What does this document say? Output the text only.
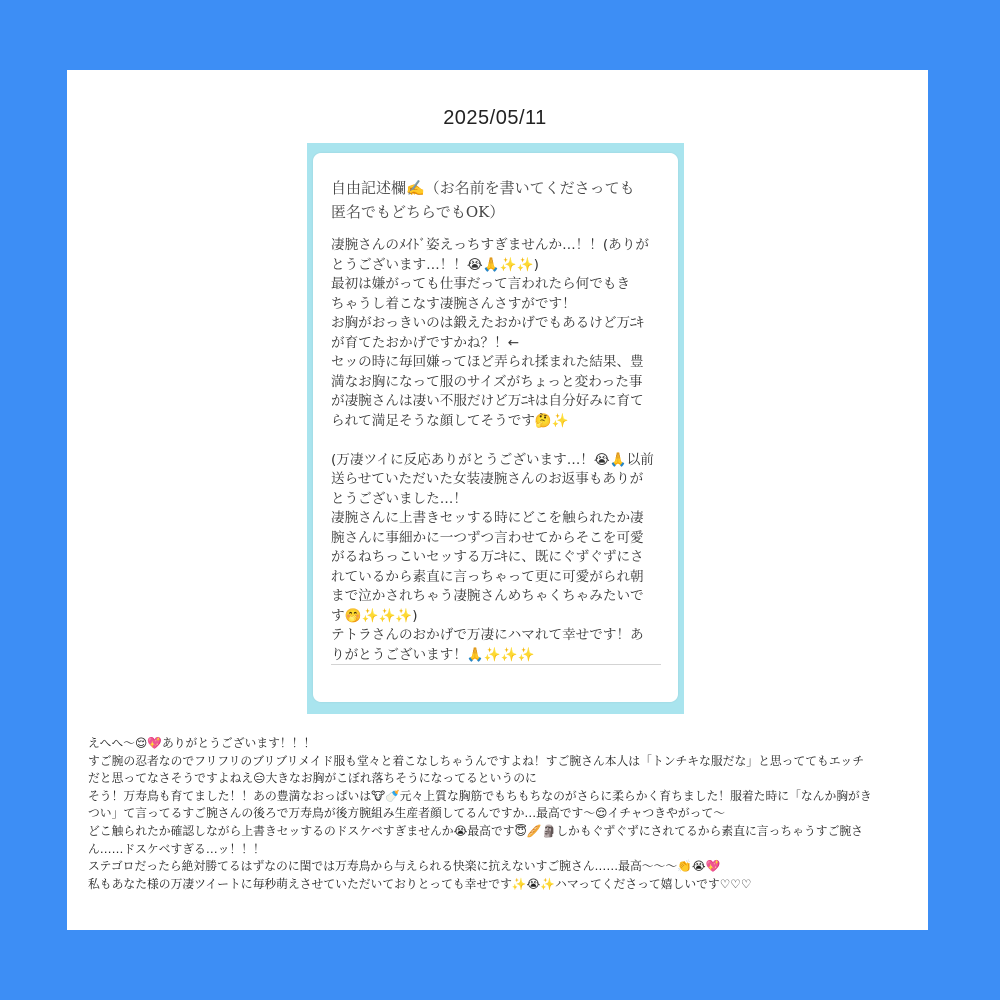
2025/05/11
自由記述欄✍️（お名前を書いてくださっても
匿名でもどちらでもOK）
凄腕さんのﾒｲﾄﾞ姿えっちすぎませんか…！！(ありが
とうございます…！！😭🙏✨✨)
最初は嫌がっても仕事だって言われたら何でもき
ちゃうし着こなす凄腕さんさすがです！
お胸がおっきいのは鍛えたおかげでもあるけど万ﾆｷ
が育てたおかげですかね？！←
セッの時に毎回嫌ってほど弄られ揉まれた結果、豊
満なお胸になって服のサイズがちょっと変わった事
が凄腕さんは凄い不服だけど万ﾆｷは自分好みに育て
られて満足そうな顔してそうです🤔✨
(万凄ツイに反応ありがとうございます…！😭🙏以前
送らせていただいた女装凄腕さんのお返事もありが
とうございました…！
凄腕さんに上書きセッする時にどこを触られたか凄
腕さんに事細かに一つずつ言わせてからそこを可愛
がるねちっこいセッする万ﾆｷに、既にぐずぐずにさ
れているから素直に言っちゃって更に可愛がられ朝
まで泣かされちゃう凄腕さんめちゃくちゃみたいで
す🤭✨✨✨)
テトラさんのおかげで万凄にハマれて幸せです！あ
りがとうございます！🙏✨✨✨
えへへ〜😌💖ありがとうございます！！！
すご腕の忍者なのでフリフリのブリブリメイド服も堂々と着こなしちゃうんですよね！すご腕さん本人は「トンチキな服だな」と思っててもエッチ
だと思ってなさそうですよねえ😑大きなお胸がこぼれ落ちそうになってるというのに
そう！万寿鳥も育てました！！あの豊満なおっぱいは🐮🍼元々上質な胸筋でもちもちなのがさらに柔らかく育ちました！服着た時に「なんか胸がき
つい」て言ってるすご腕さんの後ろで万寿鳥が後方腕組み生産者顔してるんですか…最高です〜😌イチャつきやがって〜
どこ触られたか確認しながら上書きセッするのドスケベすぎませんか😭最高です😇🥖🗿しかもぐずぐずにされてるから素直に言っちゃうすご腕さ
ん……ドスケベすぎる…ッ！！！
ステゴロだったら絶対勝てるはずなのに閨では万寿鳥から与えられる快楽に抗えないすご腕さん……最高〜〜〜👏😭💖
私もあなた様の万凄ツイートに毎秒萌えさせていただいておりとっても幸せです✨😭✨ハマってくださって嬉しいです♡♡♡
